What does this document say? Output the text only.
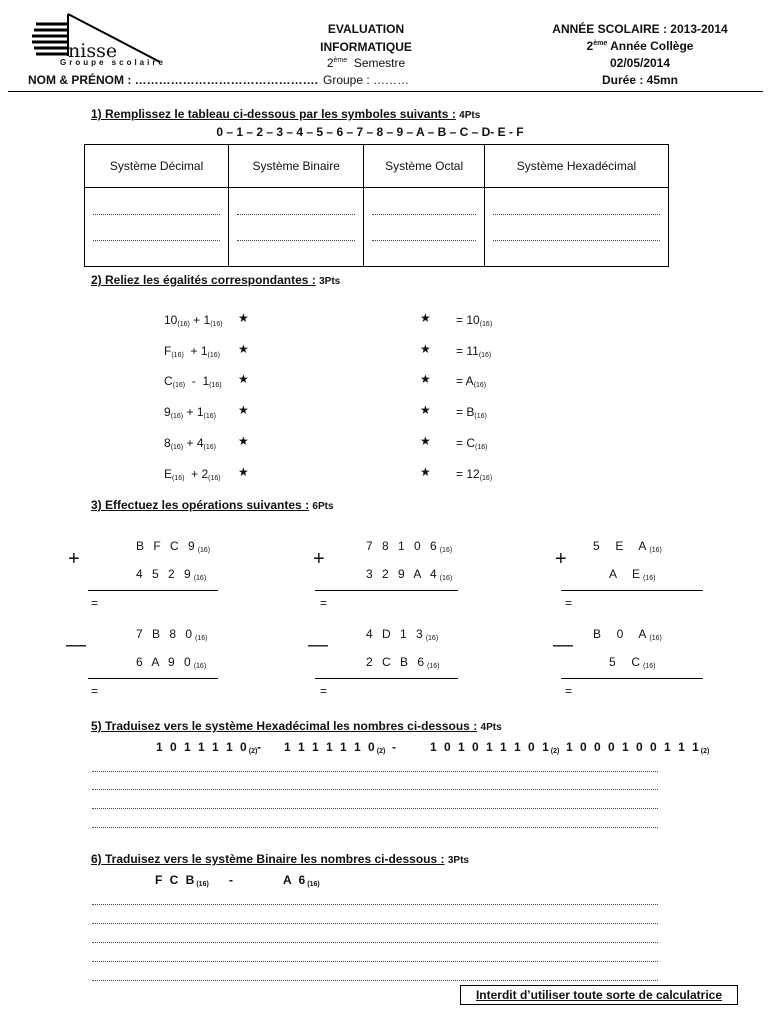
nisse
Groupe scolaire
EVALUATION
INFORMATIQUE
2ème Semestre
Groupe : ………
ANNÉE SCOLAIRE : 2013-2014
2ème Année Collège
02/05/2014
Durée : 45mn
NOM & PRÉNOM : ……………………………………….
1) Remplissez le tableau ci-dessous par les symboles suivants : 4Pts
0 – 1 – 2 – 3 – 4 – 5 – 6 – 7 – 8 – 9 – A – B – C – D- E - F
Système Décimal	Système Binaire	Système Octal	Système Hexadécimal

2) Reliez les égalités correspondantes : 3Pts
$10_{(16)} + 1_{(16)}$
$F_{(16)} + 1_{(16)}$
$C_{(16)} - 1_{(16)}$
$9_{(16)} + 1_{(16)}$
$8_{(16)} + 4_{(16)}$
$E_{(16)} + 2_{(16)}$
★
★
★
★
★
★
★
★
★
★
★
★
= $10_{(16)}$
= $11_{(16)}$
= $A_{(16)}$
= $B_{(16)}$
= $C_{(16)}$
= $12_{(16)}$
3) Effectuez les opérations suivantes : 6Pts
+
B F C $9_{(16)}$
4 5 2 $9_{(16)}$
=
+
7 8 1 0 $6_{(16)}$
3 2 9 A $4_{(16)}$
=
+
5  E  $A_{(16)}$
A  $E_{(16)}$
=
—	7 B 8 $0_{(16)}$
6 A 9 $0_{(16)}$
=
—	4 D 1 $3_{(16)}$
2 C B $6_{(16)}$
=
— B  0  $A_{(16)}$
5  $C_{(16)}$
=
5) Traduisez vers le système Hexadécimal les nombres ci-dessous : 4Pts
1 0 1 1 1 1 $0_{(2)} - 1$ 1 1 1 1 1 $0_{(2)}$ -	1 0 1 0 1 1 1 0 $1_{(2)}$ 1 0 0 0 1 0 0 1 1 $1_{(2)}$
6) Traduisez vers le système Binaire les nombres ci-dessous : 3Pts
F C $B_{(16)}$ -	A $6_{(16)}$
Interdit d’utiliser toute sorte de calculatrice
